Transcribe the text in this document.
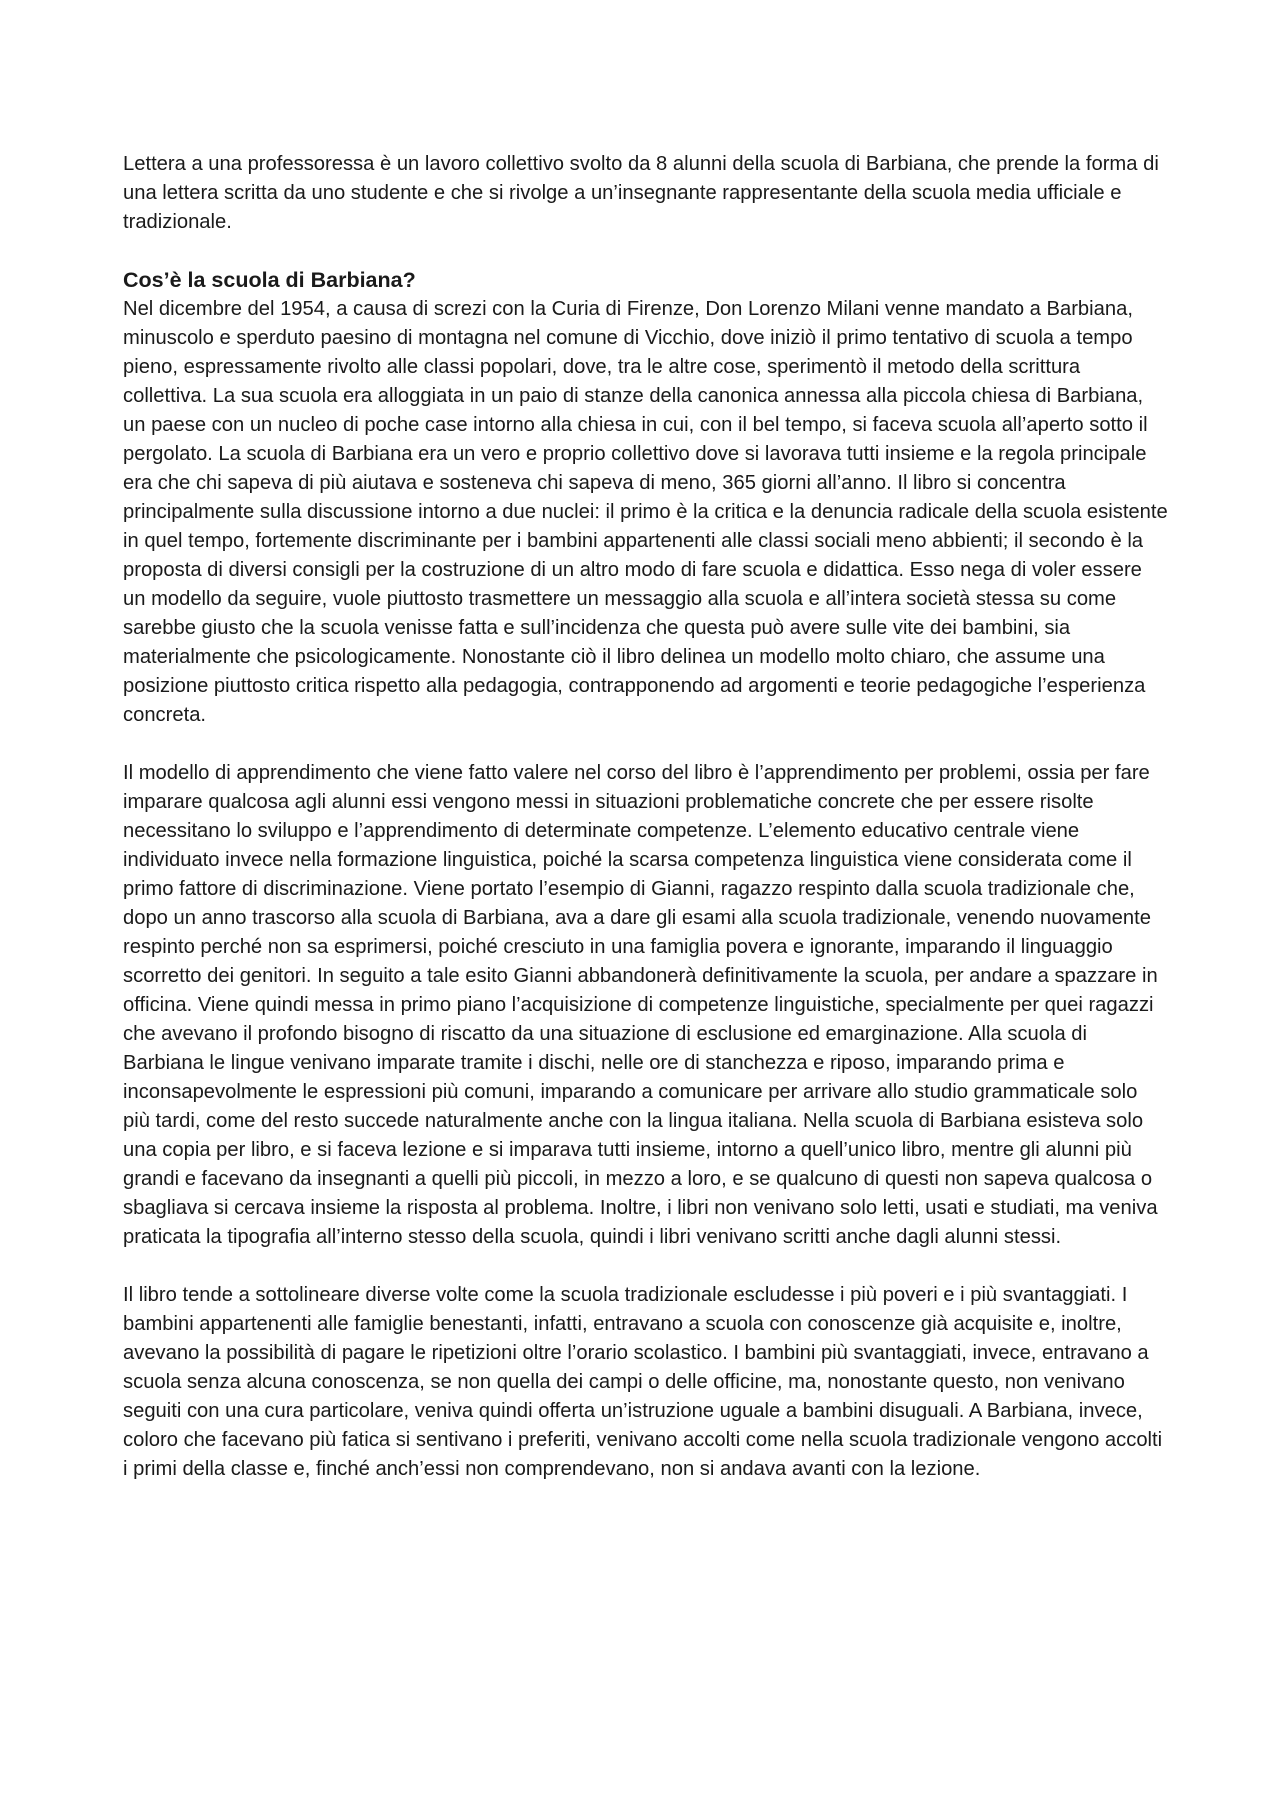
Lettera a una professoressa è un lavoro collettivo svolto da 8 alunni della scuola di Barbiana, che prende la forma di una lettera scritta da uno studente e che si rivolge a un’insegnante rappresentante della scuola media ufficiale e tradizionale.

Cos’è la scuola di Barbiana?

Nel dicembre del 1954, a causa di screzi con la Curia di Firenze, Don Lorenzo Milani venne mandato a Barbiana, minuscolo e sperduto paesino di montagna nel comune di Vicchio, dove iniziò il primo tentativo di scuola a tempo pieno, espressamente rivolto alle classi popolari, dove, tra le altre cose, sperimentò il metodo della scrittura collettiva. La sua scuola era alloggiata in un paio di stanze della canonica annessa alla piccola chiesa di Barbiana, un paese con un nucleo di poche case intorno alla chiesa in cui, con il bel tempo, si faceva scuola all’aperto sotto il pergolato. La scuola di Barbiana era un vero e proprio collettivo dove si lavorava tutti insieme e la regola principale era che chi sapeva di più aiutava e sosteneva chi sapeva di meno, 365 giorni all’anno. Il libro si concentra principalmente sulla discussione intorno a due nuclei: il primo è la critica e la denuncia radicale della scuola esistente in quel tempo, fortemente discriminante per i bambini appartenenti alle classi sociali meno abbienti; il secondo è la proposta di diversi consigli per la costruzione di un altro modo di fare scuola e didattica. Esso nega di voler essere un modello da seguire, vuole piuttosto trasmettere un messaggio alla scuola e all’intera società stessa su come sarebbe giusto che la scuola venisse fatta e sull’incidenza che questa può avere sulle vite dei bambini, sia materialmente che psicologicamente. Nonostante ciò il libro delinea un modello molto chiaro, che assume una posizione piuttosto critica rispetto alla pedagogia, contrapponendo ad argomenti e teorie pedagogiche l’esperienza concreta.

Il modello di apprendimento che viene fatto valere nel corso del libro è l’apprendimento per problemi, ossia per fare imparare qualcosa agli alunni essi vengono messi in situazioni problematiche concrete che per essere risolte necessitano lo sviluppo e l’apprendimento di determinate competenze. L’elemento educativo centrale viene individuato invece nella formazione linguistica, poiché la scarsa competenza linguistica viene considerata come il primo fattore di discriminazione. Viene portato l’esempio di Gianni, ragazzo respinto dalla scuola tradizionale che, dopo un anno trascorso alla scuola di Barbiana, ava a dare gli esami alla scuola tradizionale, venendo nuovamente respinto perché non sa esprimersi, poiché cresciuto in una famiglia povera e ignorante, imparando il linguaggio scorretto dei genitori. In seguito a tale esito Gianni abbandonerà definitivamente la scuola, per andare a spazzare in officina. Viene quindi messa in primo piano l’acquisizione di competenze linguistiche, specialmente per quei ragazzi che avevano il profondo bisogno di riscatto da una situazione di esclusione ed emarginazione. Alla scuola di Barbiana le lingue venivano imparate tramite i dischi, nelle ore di stanchezza e riposo, imparando prima e inconsapevolmente le espressioni più comuni, imparando a comunicare per arrivare allo studio grammaticale solo più tardi, come del resto succede naturalmente anche con la lingua italiana. Nella scuola di Barbiana esisteva solo una copia per libro, e si faceva lezione e si imparava tutti insieme, intorno a quell’unico libro, mentre gli alunni più grandi e facevano da insegnanti a quelli più piccoli, in mezzo a loro, e se qualcuno di questi non sapeva qualcosa o sbagliava si cercava insieme la risposta al problema. Inoltre, i libri non venivano solo letti, usati e studiati, ma veniva praticata la tipografia all’interno stesso della scuola, quindi i libri venivano scritti anche dagli alunni stessi.

Il libro tende a sottolineare diverse volte come la scuola tradizionale escludesse i più poveri e i più svantaggiati. I bambini appartenenti alle famiglie benestanti, infatti, entravano a scuola con conoscenze già acquisite e, inoltre, avevano la possibilità di pagare le ripetizioni oltre l’orario scolastico. I bambini più svantaggiati, invece, entravano a scuola senza alcuna conoscenza, se non quella dei campi o delle officine, ma, nonostante questo, non venivano seguiti con una cura particolare, veniva quindi offerta un’istruzione uguale a bambini disuguali. A Barbiana, invece, coloro che facevano più fatica si sentivano i preferiti, venivano accolti come nella scuola tradizionale vengono accolti i primi della classe e, finché anch’essi non comprendevano, non si andava avanti con la lezione.
